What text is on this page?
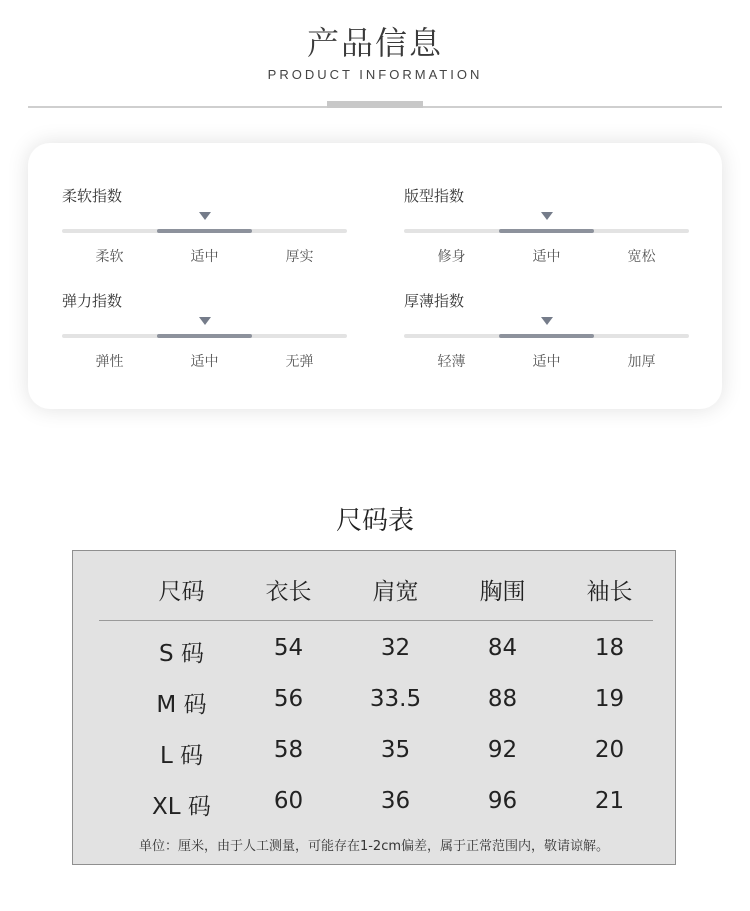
产品信息
PRODUCT INFORMATION
柔软指数
柔软	适中	厚实
版型指数
修身	适中	宽松
弹力指数
弹性	适中	无弹
厚薄指数
轻薄	适中	加厚
尺码表
尺码	衣长	肩宽	胸围	袖长
S 码	54	32	84	18
M 码	56	33.5	88	19
L 码	58	35	92	20
XL 码	60	36	96	21
单位：厘米，由于人工测量，可能存在1-2cm偏差，属于正常范围内，敬请谅解。
